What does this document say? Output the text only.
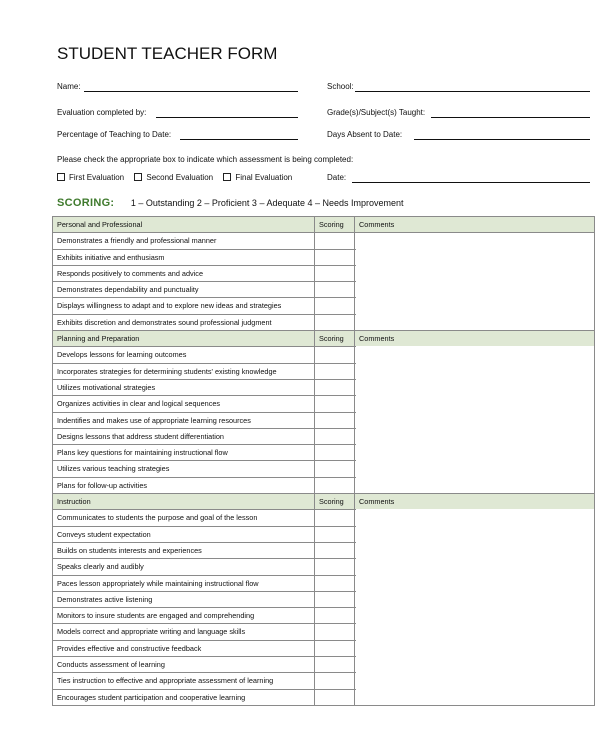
STUDENT TEACHER FORM
Name:	School:
Evaluation completed by:	Grade(s)/Subject(s) Taught:
Percentage of Teaching to Date:	Days Absent to Date:
Please check the appropriate box to indicate which assessment is being completed:
First Evaluation	Second Evaluation	Final Evaluation	Date:
SCORING: 1 – Outstanding 2 – Proficient 3 – Adequate 4 – Needs Improvement
Personal and Professional	Scoring	Comments
Demonstrates a friendly and professional manner
Exhibits initiative and enthusiasm
Responds positively to comments and advice
Demonstrates dependability and punctuality
Displays willingness to adapt and to explore new ideas and strategies
Exhibits discretion and demonstrates sound professional judgment
Planning and Preparation	Scoring	Comments
Develops lessons for learning outcomes
Incorporates strategies for determining students' existing knowledge
Utilizes motivational strategies
Organizes activities in clear and logical sequences
Indentifies and makes use of appropriate learning resources
Designs lessons that address student differentiation
Plans key questions for maintaining instructional flow
Utilizes various teaching strategies
Plans for follow-up activities
Instruction	Scoring	Comments
Communicates to students the purpose and goal of the lesson
Conveys student expectation
Builds on students interests and experiences
Speaks clearly and audibly
Paces lesson appropriately while maintaining instructional flow
Demonstrates active listening
Monitors to insure students are engaged and comprehending
Models correct and appropriate writing and language skills
Provides effective and constructive feedback
Conducts assessment of learning
Ties instruction to effective and appropriate assessment of learning
Encourages student participation and cooperative learning
